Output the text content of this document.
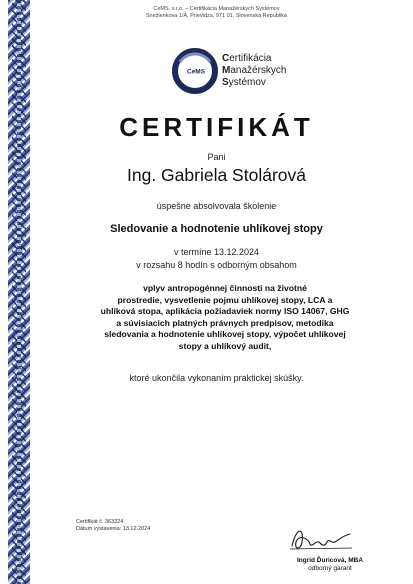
CeMS, s.r.o. – Certifikácia Manažérskych Systémov
Snežienkova 1/A, Prievidza, 971 01, Slovenská Republika
CeMS
Certifikácia
Manažérskych
Systémov
CERTIFIKÁT
Pani
Ing. Gabriela Stolárová
úspešne absolvovala školenie
Sledovanie a hodnotenie uhlíkovej stopy
v termíne 13.12.2024
v rozsahu 8 hodín s odborným obsahom
vplyv antropogénnej činnosti na životné
prostredie, vysvetlenie pojmu uhlíkovej stopy, LCA a
uhlíková stopa, aplikácia požiadaviek normy ISO 14067, GHG
a súvisiacich platných právnych predpisov, metodika
sledovania a hodnotenie uhlíkovej stopy, výpočet uhlíkovej
stopy a uhlíkový audit,
ktoré ukončila vykonaním praktickej skúšky.
Certifikát č. 363224
Dátum vystavenia: 13.12.2024
Ingrid Ďuricová, MBA
odborný garant
